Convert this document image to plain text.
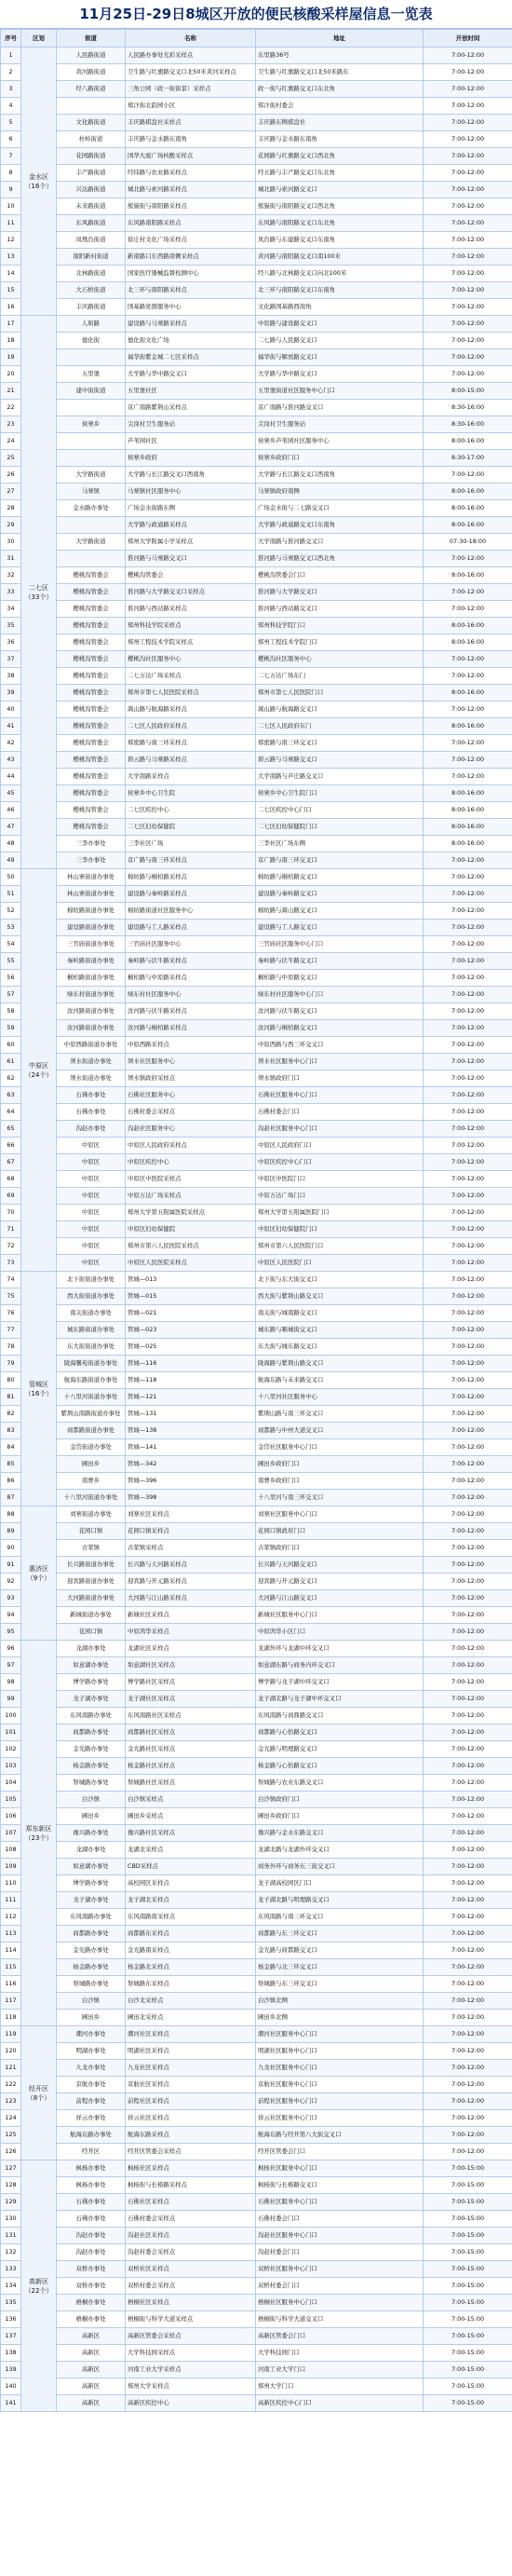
11月25日-29日8城区开放的便民核酸采样屋信息一览表
序号	区划	街道	名称	地址	开放时间
1	金水区 （16个）	人民路街道	人民路办事处光彩采样点	东里路36号	7:00-12:00
2		黄河路街道	卫生路与红旗路交叉口北50米黄河采样点	卫生路与红旗路交叉口北50米路东	7:00-12:00
3		经八路街道	三角公园（政一街街景）采样点	政一街与红旗路交叉口东北角	7:00-12:00
4			郑汴街北韵园小区	郑汴街村委会	7:00-12:00
5		文化路街道	丰庆路棋盘社采样点	丰庆路东侧棋盘社	7:00-12:00
6		杜岭街道	丰庆路与金水路东南角	丰庆路与金水路东南角	7:00-12:00
7		花园路街道	国华大厦广场核酸采样点	花园路与红旗路交叉口西北角	7:00-12:00
8		丰产路街道	经纬路与农业路采样点	经五路与丰产路交叉口东北角	7:00-12:00
9		兴达路街道	城北路与索河路采样点	城北路与索河路交叉口	7:00-12:00
10		未来路街道	熊猫街与南阳路采样点	熊猫街与南阳路交叉口西北角	7:00-12:00
11		东风路街道	东风路南阳路采样点	东风路与南阳路交叉口东北角	7:00-12:00
12		凤凰台街道	徐庄村文化广场采样点	凤台路与东建路交叉口东南角	7:00-12:00
13		南阳新村街道	新南路口东西路南侧采样点	黄河路与南阳路交叉口南100米	7:00-12:00
14		北林路街道	国家医疗器械监督检测中心	经八路与北林路交叉口向北100米	7:00-12:00
15		大石桥街道	北三环与南阳路采样点	北三环与南阳路交叉口东南角	7:00-12:00
16		丰庆路街道	国基路党群服务中心	文化路国基路西南角	7:00-12:00
17	二七区 （33个）	人和路	建设路与马寨路采样点	中原路与建设路交叉口	7:00-12:00
18		德化街	德化街文化广场	二七路与人民路交叉口	7:00-12:00
19			福华街紫金城二七区采样点	福华街与解放路交叉口	7:00-12:00
20		五里堡	大学路与华中路交叉口	大学路与华中路交叉口	7:00-12:00
21		建中街街道	五里堡社区	五里堡街道社区服务中心门口	8:00-15:00
22			京广南路紫荆山采样点	京广南路与淮河路交叉口	8:30-16:00
23		侯寨乡	尖岗村卫生服务站	尖岗村卫生服务站	8:30-16:00
24			芦苇园社区	侯寨乡芦苇园社区服务中心	8:00-16:00
25			侯寨乡政府	侯寨乡政府门口	8:30-17:00
26		大学路街道	大学路与长江路交叉口西南角	大学路与长江路交叉口西南角	7:00-12:00
27		马寨镇	马寨镇社区服务中心	马寨镇政府南侧	8:00-16:00
28		金水路办事处	广场金水街路东侧	广场金水街与二七路交叉口	8:00-16:00
29			大学路与政通路采样点	大学路与政通路交叉口东南角	8:00-16:00
30		大学路街道	郑州大学附属小学采样点	大学南路与淮河路交叉口	07:30-18:00
31			淮河路与马寨路交叉口	淮河路与马寨路交叉口西北角	7:00-12:00
32		樱桃沟管委会	樱桃沟管委会	樱桃沟管委会门口	8:00-16:00
33		樱桃沟管委会	淮河路与大学路交叉口采样点	淮河路与大学路交叉口	7:00-12:00
34		樱桃沟管委会	淮河路与西站路采样点	淮河路与西站路交叉口	7:00-12:00
35		樱桃沟管委会	郑州科技学院采样点	郑州科技学院门口	8:00-16:00
36		樱桃沟管委会	郑州工程技术学院采样点	郑州工程技术学院门口	8:00-16:00
37		樱桃沟管委会	樱桃沟社区服务中心	樱桃沟社区服务中心	7:00-12:00
38		樱桃沟管委会	二七万达广场采样点	二七万达广场东门	7:00-12:00
39		樱桃沟管委会	郑州市第七人民医院采样点	郑州市第七人民医院门口	8:00-16:00
40		樱桃沟管委会	嵩山路与航海路采样点	嵩山路与航海路交叉口	7:00-12:00
41		樱桃沟管委会	二七区人民政府采样点	二七区人民政府东门	8:00-16:00
42		樱桃沟管委会	郑密路与南三环采样点	郑密路与南三环交叉口	7:00-12:00
43		樱桃沟管委会	碧云路与马寨路采样点	碧云路与马寨路交叉口	7:00-12:00
44		樱桃沟管委会	大学南路采样点	大学南路与芦庄路交叉口	7:00-12:00
45		樱桃沟管委会	侯寨乡中心卫生院	侯寨乡中心卫生院门口	8:00-16:00
46		樱桃沟管委会	二七区疾控中心	二七区疾控中心门口	8:00-16:00
47		樱桃沟管委会	二七区妇幼保健院	二七区妇幼保健院门口	8:00-16:00
48		三李办事处	三李社区广场	三李社区广场东侧	8:00-16:00
49		三李办事处	京广路与南三环采样点	京广路与南三环交叉口	7:00-12:00
50	中原区 （24个）	林山寨街道办事处	棉纺路与桐柏路采样点	棉纺路与桐柏路交叉口	7:00-12:00
51		林山寨街道办事处	建设路与秦岭路采样点	建设路与秦岭路交叉口	7:00-12:00
52		棉纺路街道办事处	棉纺路街道社区服务中心	棉纺路与嵩山路交叉口	7:00-12:00
53		建设路街道办事处	建设路与工人路采样点	建设路与工人路交叉口	7:00-12:00
54		三官庙街道办事处	三官庙社区服务中心	三官庙社区服务中心门口	7:00-12:00
55		秦岭路街道办事处	秦岭路与伏牛路采样点	秦岭路与伏牛路交叉口	7:00-12:00
56		桐柏路街道办事处	桐柏路与中原路采样点	桐柏路与中原路交叉口	7:00-12:00
57		绿东村街道办事处	绿东村社区服务中心	绿东村社区服务中心门口	7:00-12:00
58		汝河路街道办事处	汝河路与伏牛路采样点	汝河路与伏牛路交叉口	7:00-12:00
59		汝河路街道办事处	汝河路与桐柏路采样点	汝河路与桐柏路交叉口	7:00-12:00
60		中原西路街道办事处	中原西路采样点	中原西路与西三环交叉口	7:00-12:00
61		须水街道办事处	须水社区服务中心	须水社区服务中心门口	7:00-12:00
62		须水街道办事处	须水镇政府采样点	须水镇政府门口	7:00-12:00
63		石佛办事处	石佛社区服务中心	石佛社区服务中心门口	7:00-12:00
64		石佛办事处	石佛村委会采样点	石佛村委会门口	7:00-12:00
65		沟赵办事处	沟赵社区服务中心	沟赵社区服务中心门口	7:00-12:00
66		中原区	中原区人民政府采样点	中原区人民政府门口	7:00-12:00
67		中原区	中原区疾控中心	中原区疾控中心门口	7:00-12:00
68		中原区	中原区中医院采样点	中原区中医院门口	7:00-12:00
69		中原区	中原万达广场采样点	中原万达广场门口	7:00-12:00
70		中原区	郑州大学第五附属医院采样点	郑州大学第五附属医院门口	7:00-12:00
71		中原区	中原区妇幼保健院	中原区妇幼保健院门口	7:00-12:00
72		中原区	郑州市第六人民医院采样点	郑州市第六人民医院门口	7:00-12:00
73		中原区	中原区人民医院采样点	中原区人民医院门口	7:00-12:00
74	管城区 （16个）	北下街街道办事处	管城—013	北下街与东大街交叉口	7:00-12:00
75		西大街街道办事处	管城—015	西大街与紫荆山路交叉口	7:00-12:00
76		南关街道办事处	管城—021	南关街与城南路交叉口	7:00-12:00
77		城东路街道办事处	管城—023	城东路与顺城街交叉口	7:00-12:00
78		东大街街道办事处	管城—025	东大街与城东路交叉口	7:00-12:00
79		陇海馨苑街道办事处	管城—116	陇海路与紫荆山路交叉口	7:00-12:00
80		航海东路街道办事处	管城—118	航海东路与未来路交叉口	7:00-12:00
81		十八里河街道办事处	管城—121	十八里河社区服务中心	7:00-12:00
82		紫荆山南路街道办事处	管城—131	紫荆山路与南三环交叉口	7:00-12:00
83		商都路街道办事处	管城—138	商都路与中州大道交叉口	7:00-12:00
84		金岱街道办事处	管城—141	金岱社区服务中心门口	7:00-12:00
85		圃田乡	管城—342	圃田乡政府门口	7:00-12:00
86		南曹乡	管城—396	南曹乡政府门口	7:00-12:00
87		十八里河街道办事处	管城—398	十八里河与南三环交叉口	7:00-12:00
88	惠济区 （9个）	刘寨街道办事处	刘寨社区采样点	刘寨社区服务中心门口	7:00-12:00
89		花园口镇	花园口镇采样点	花园口镇政府门口	7:00-12:00
90		古荥镇	古荥镇采样点	古荥镇政府门口	7:00-12:00
91		长兴路街道办事处	长兴路与天河路采样点	长兴路与天河路交叉口	7:00-12:00
92		迎宾路街道办事处	迎宾路与开元路采样点	迎宾路与开元路交叉口	7:00-12:00
93		大河路街道办事处	大河路与江山路采样点	大河路与江山路交叉口	7:00-12:00
94		新城街道办事处	新城社区采样点	新城社区服务中心门口	7:00-12:00
95		花园口镇	中原鸿华采样点	中原鸿华小区门口	7:00-12:00
96	郑东新区 （23个）	龙湖办事处	龙湖社区采样点	龙湖外环与龙湖中环交叉口	7:00-12:00
97		如意湖办事处	如意湖社区采样点	如意湖东路与商务内环交叉口	7:00-12:00
98		博学路办事处	博学路社区采样点	博学路与龙子湖中环交叉口	7:00-12:00
99		龙子湖办事处	龙子湖社区采样点	龙子湖北路与龙子湖中环交叉口	7:00-12:00
100		东风南路办事处	东风南路社区采样点	东风南路与商鼎路交叉口	7:00-12:00
101		商都路办事处	商都路社区采样点	商都路与心怡路交叉口	7:00-12:00
102		金光路办事处	金光路社区采样点	金光路与明理路交叉口	7:00-12:00
103		杨金路办事处	杨金路社区采样点	杨金路与心怡路交叉口	7:00-12:00
104		祭城路办事处	祭城路社区采样点	祭城路与农业东路交叉口	7:00-12:00
105		白沙镇	白沙镇采样点	白沙镇政府门口	7:00-12:00
106		圃田乡	圃田乡采样点	圃田乡政府门口	7:00-12:00
107		豫兴路办事处	豫兴路社区采样点	豫兴路与金水东路交叉口	7:00-12:00
108		龙湖办事处	龙湖北采样点	龙湖北路与龙湖外环交叉口	7:00-12:00
109		如意湖办事处	CBD采样点	商务外环与商务东三街交叉口	7:00-12:00
110		博学路办事处	高校园区采样点	龙子湖高校园区门口	7:00-12:00
111		龙子湖办事处	龙子湖北采样点	龙子湖北路与明理路交叉口	7:00-12:00
112		东风南路办事处	东风南路南采样点	东风南路与南三环交叉口	7:00-12:00
113		商都路办事处	商都路东采样点	商都路与东三环交叉口	7:00-12:00
114		金光路办事处	金光路南采样点	金光路与商都路交叉口	7:00-12:00
115		杨金路办事处	杨金路北采样点	杨金路与北三环交叉口	7:00-12:00
116		祭城路办事处	祭城路东采样点	祭城路与东三环交叉口	7:00-12:00
117		白沙镇	白沙北采样点	白沙镇北侧	7:00-12:00
118		圃田乡	圃田北采样点	圃田乡北侧	7:00-12:00
119	经开区 （8个）	潮河办事处	潮河社区采样点	潮河社区服务中心门口	7:00-12:00
120		明湖办事处	明湖社区采样点	明湖社区服务中心门口	7:00-12:00
121		九龙办事处	九龙社区采样点	九龙社区服务中心门口	7:00-12:00
122		京航办事处	京航社区采样点	京航社区服务中心门口	7:00-12:00
123		前程办事处	前程社区采样点	前程社区服务中心门口	7:00-12:00
124		祥云办事处	祥云社区采样点	祥云社区服务中心门口	7:00-12:00
125		航海东路办事处	航海东路采样点	航海东路与经开第八大街交叉口	7:00-12:00
126		经开区	经开区管委会采样点	经开区管委会门口	7:00-12:00
127	高新区 （22个）	枫杨办事处	枫杨社区采样点	枫杨社区服务中心门口	7:00-15:00
128		枫杨办事处	枫杨街与长椿路采样点	枫杨街与长椿路交叉口	7:00-15:00
129		石佛办事处	石佛社区采样点	石佛社区服务中心门口	7:00-15:00
130		石佛办事处	石佛村委会采样点	石佛村委会门口	7:00-15:00
131		沟赵办事处	沟赵社区采样点	沟赵社区服务中心门口	7:00-15:00
132		沟赵办事处	沟赵村委会采样点	沟赵村委会门口	7:00-15:00
133		双桥办事处	双桥社区采样点	双桥社区服务中心门口	7:00-15:00
134		双桥办事处	双桥村委会采样点	双桥村委会门口	7:00-15:00
135		梧桐办事处	梧桐社区采样点	梧桐社区服务中心门口	7:00-15:00
136		梧桐办事处	梧桐街与科学大道采样点	梧桐街与科学大道交叉口	7:00-15:00
137		高新区	高新区管委会采样点	高新区管委会门口	7:00-15:00
138		高新区	大学科技园采样点	大学科技园门口	7:00-15:00
139		高新区	河南工业大学采样点	河南工业大学门口	7:00-15:00
140		高新区	郑州大学采样点	郑州大学门口	7:00-15:00
141		高新区	高新区疾控中心	高新区疾控中心门口	7:00-15:00
